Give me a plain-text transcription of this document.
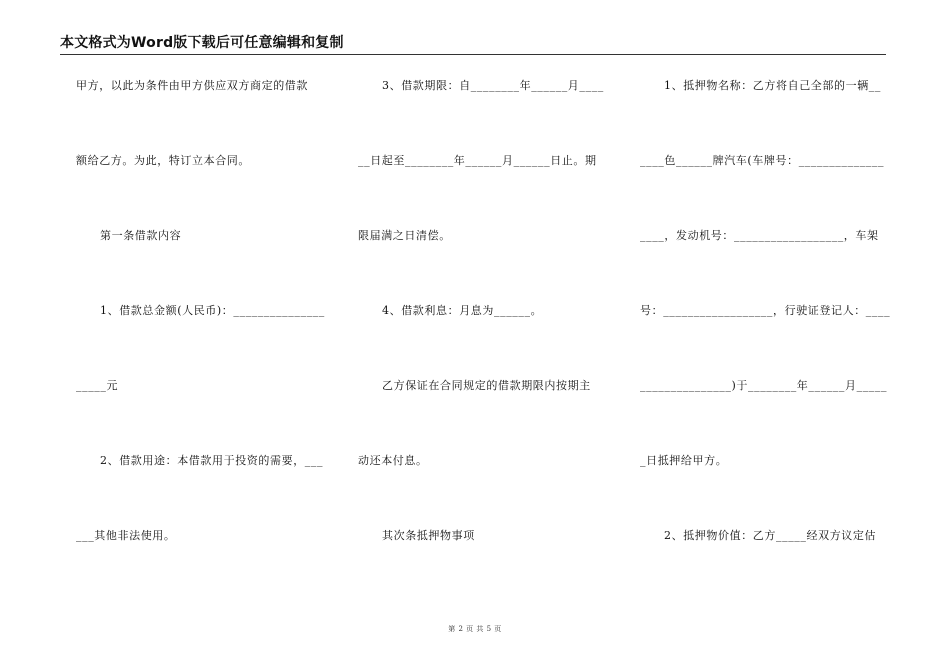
本文格式为Word版下载后可任意编辑和复制
甲方，以此为条件由甲方供应双方商定的借款
额给乙方。为此，特订立本合同。
第一条借款内容
1、借款总金额(人民币)：_______________
_____元
2、借款用途：本借款用于投资的需要，___
___其他非法使用。
3、借款期限：自________年______月____
__日起至________年______月______日止。期
限届满之日清偿。
4、借款利息：月息为______。
乙方保证在合同规定的借款期限内按期主
动还本付息。
其次条抵押物事项
1、抵押物名称：乙方将自己全部的一辆__
____色______牌汽车(车牌号：______________
____，发动机号：__________________，车架
号：__________________，行驶证登记人：____
_______________)于________年______月_____
_日抵押给甲方。
2、抵押物价值：乙方_____经双方议定估
第 2 页 共 5 页
